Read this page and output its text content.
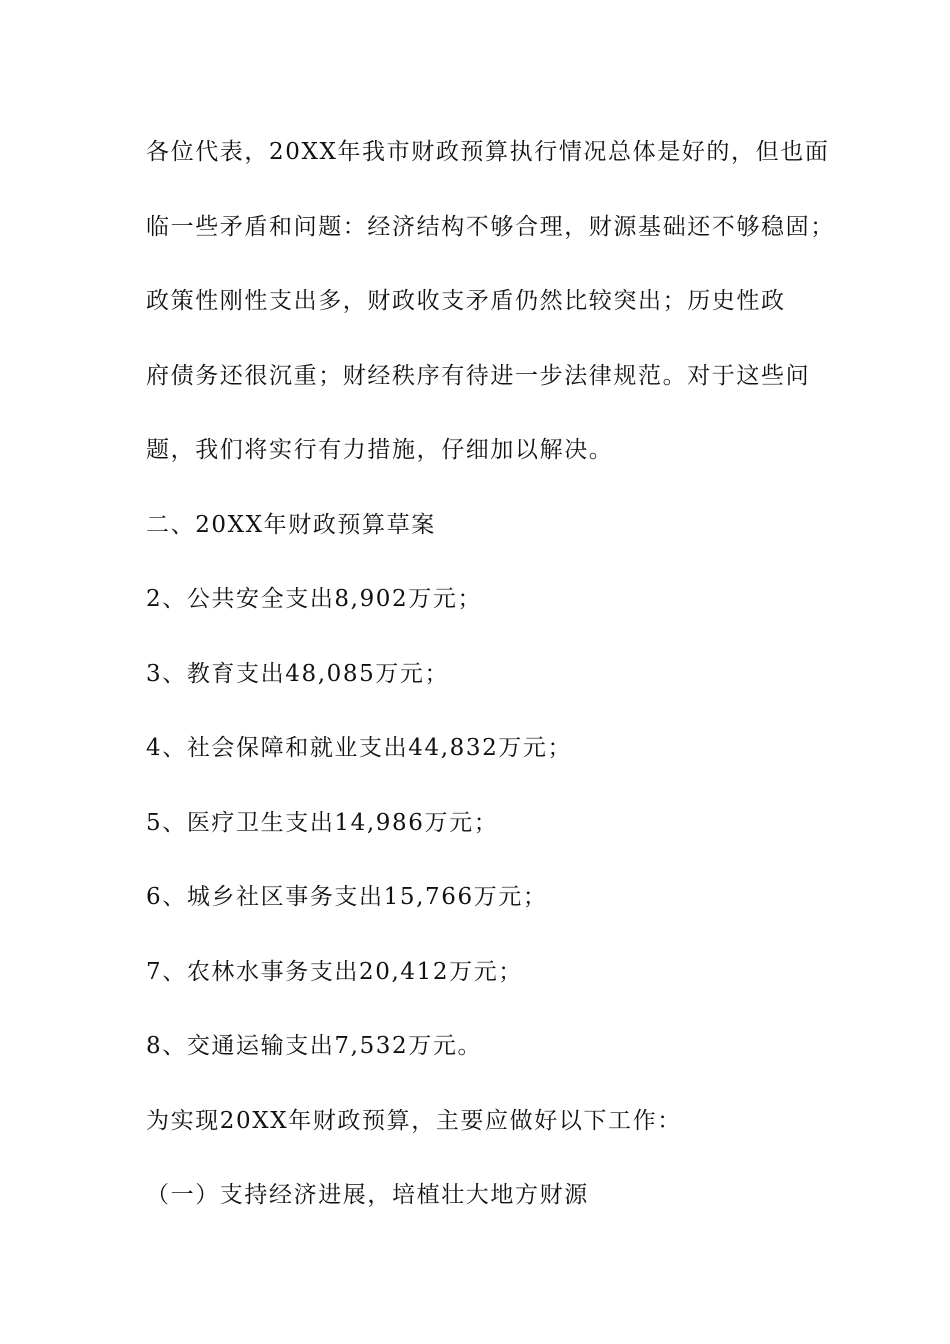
各位代表，20XX年我市财政预算执行情况总体是好的，但也面
临一些矛盾和问题：经济结构不够合理，财源基础还不够稳固；
政策性刚性支出多，财政收支矛盾仍然比较突出；历史性政
府债务还很沉重；财经秩序有待进一步法律规范。对于这些问
题，我们将实行有力措施，仔细加以解决。
二、20XX年财政预算草案
2、公共安全支出8,902万元；
3、教育支出48,085万元；
4、社会保障和就业支出44,832万元；
5、医疗卫生支出14,986万元；
6、城乡社区事务支出15,766万元；
7、农林水事务支出20,412万元；
8、交通运输支出7,532万元。
为实现20XX年财政预算，主要应做好以下工作：
（一）支持经济进展，培植壮大地方财源
